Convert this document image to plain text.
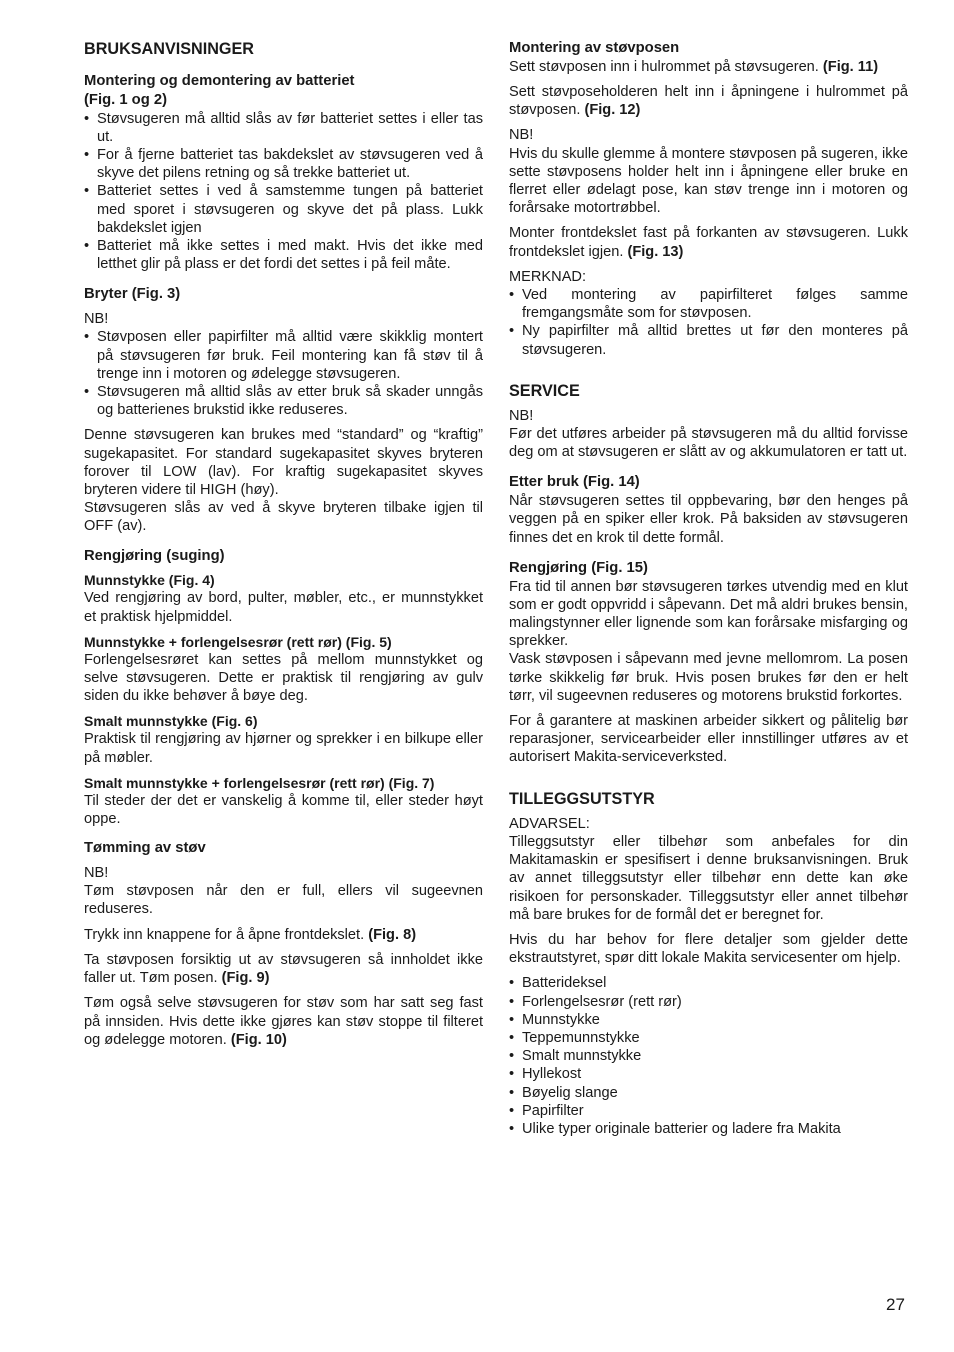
BRUKSANVISNINGER
Montering og demontering av batteriet
(Fig. 1 og 2)
• Støvsugeren må alltid slås av før batteriet settes i eller tas ut.
• For å fjerne batteriet tas bakdekslet av støvsugeren ved å skyve det pilens retning og så trekke batteriet ut.
• Batteriet settes i ved å samstemme tungen på batteriet med sporet i støvsugeren og skyve det på plass. Lukk bakdekslet igjen
• Batteriet må ikke settes i med makt. Hvis det ikke med letthet glir på plass er det fordi det settes i på feil måte.
Bryter (Fig. 3)
NB!
• Støvposen eller papirfilter må alltid være skikklig montert på støvsugeren før bruk. Feil montering kan få støv til å trenge inn i motoren og ødelegge støvsugeren.
• Støvsugeren må alltid slås av etter bruk så skader unngås og batterienes brukstid ikke reduseres.
Denne støvsugeren kan brukes med “standard” og “kraftig” sugekapasitet. For standard sugekapasitet skyves bryteren forover til LOW (lav). For kraftig sugekapasitet skyves bryteren videre til HIGH (høy).
Støvsugeren slås av ved å skyve bryteren tilbake igjen til OFF (av).
Rengjøring (suging)
Munnstykke (Fig. 4)
Ved rengjøring av bord, pulter, møbler, etc., er munnstykket et praktisk hjelpmiddel.
Munnstykke + forlengelsesrør (rett rør) (Fig. 5)
Forlengelsesrøret kan settes på mellom munnstykket og selve støvsugeren. Dette er praktisk til rengjøring av gulv siden du ikke behøver å bøye deg.
Smalt munnstykke (Fig. 6)
Praktisk til rengjøring av hjørner og sprekker i en bilkupe eller på møbler.
Smalt munnstykke + forlengelsesrør (rett rør) (Fig. 7)
Til steder der det er vanskelig å komme til, eller steder høyt oppe.
Tømming av støv
NB!
Tøm støvposen når den er full, ellers vil sugeevnen reduseres.
Trykk inn knappene for å åpne frontdekslet. (Fig. 8)
Ta støvposen forsiktig ut av støvsugeren så innholdet ikke faller ut. Tøm posen. (Fig. 9)
Tøm også selve støvsugeren for støv som har satt seg fast på innsiden. Hvis dette ikke gjøres kan støv stoppe til filteret og ødelegge motoren. (Fig. 10)
Montering av støvposen
Sett støvposen inn i hulrommet på støvsugeren. (Fig. 11)
Sett støvposeholderen helt inn i åpningene i hulrommet på støvposen. (Fig. 12)
NB!
Hvis du skulle glemme å montere støvposen på sugeren, ikke sette støvposens holder helt inn i åpningene eller bruke en flerret eller ødelagt pose, kan støv trenge inn i motoren og forårsake motortrøbbel.
Monter frontdekslet fast på forkanten av støvsugeren. Lukk frontdekslet igjen. (Fig. 13)
MERKNAD:
• Ved montering av papirfilteret følges samme fremgangsmåte som for støvposen.
• Ny papirfilter må alltid brettes ut før den monteres på støvsugeren.
SERVICE
NB!
Før det utføres arbeider på støvsugeren må du alltid forvisse deg om at støvsugeren er slått av og akkumulatoren er tatt ut.
Etter bruk (Fig. 14)
Når støvsugeren settes til oppbevaring, bør den henges på veggen på en spiker eller krok. På baksiden av støvsugeren finnes det en krok til dette formål.
Rengjøring (Fig. 15)
Fra tid til annen bør støvsugeren tørkes utvendig med en klut som er godt oppvridd i såpevann. Det må aldri brukes bensin, malingstynner eller lignende som kan forårsake misfarging og sprekker.
Vask støvposen i såpevann med jevne mellomrom. La posen tørke skikkelig før bruk. Hvis posen brukes før den er helt tørr, vil sugeevnen reduseres og motorens brukstid forkortes.
For å garantere at maskinen arbeider sikkert og pålitelig bør reparasjoner, servicearbeider eller innstillinger utføres av et autorisert Makita-serviceverksted.
TILLEGGSUTSTYR
ADVARSEL:
Tilleggsutstyr eller tilbehør som anbefales for din Makitamaskin er spesifisert i denne bruksanvisningen. Bruk av annet tilleggsutstyr eller tilbehør enn dette kan øke risikoen for personskader. Tilleggsutstyr eller annet tilbehør må bare brukes for de formål det er beregnet for.
Hvis du har behov for flere detaljer som gjelder dette ekstrautstyret, spør ditt lokale Makita servicesenter om hjelp.
• Batterideksel
• Forlengelsesrør (rett rør)
• Munnstykke
• Teppemunnstykke
• Smalt munnstykke
• Hyllekost
• Bøyelig slange
• Papirfilter
• Ulike typer originale batterier og ladere fra Makita
27
